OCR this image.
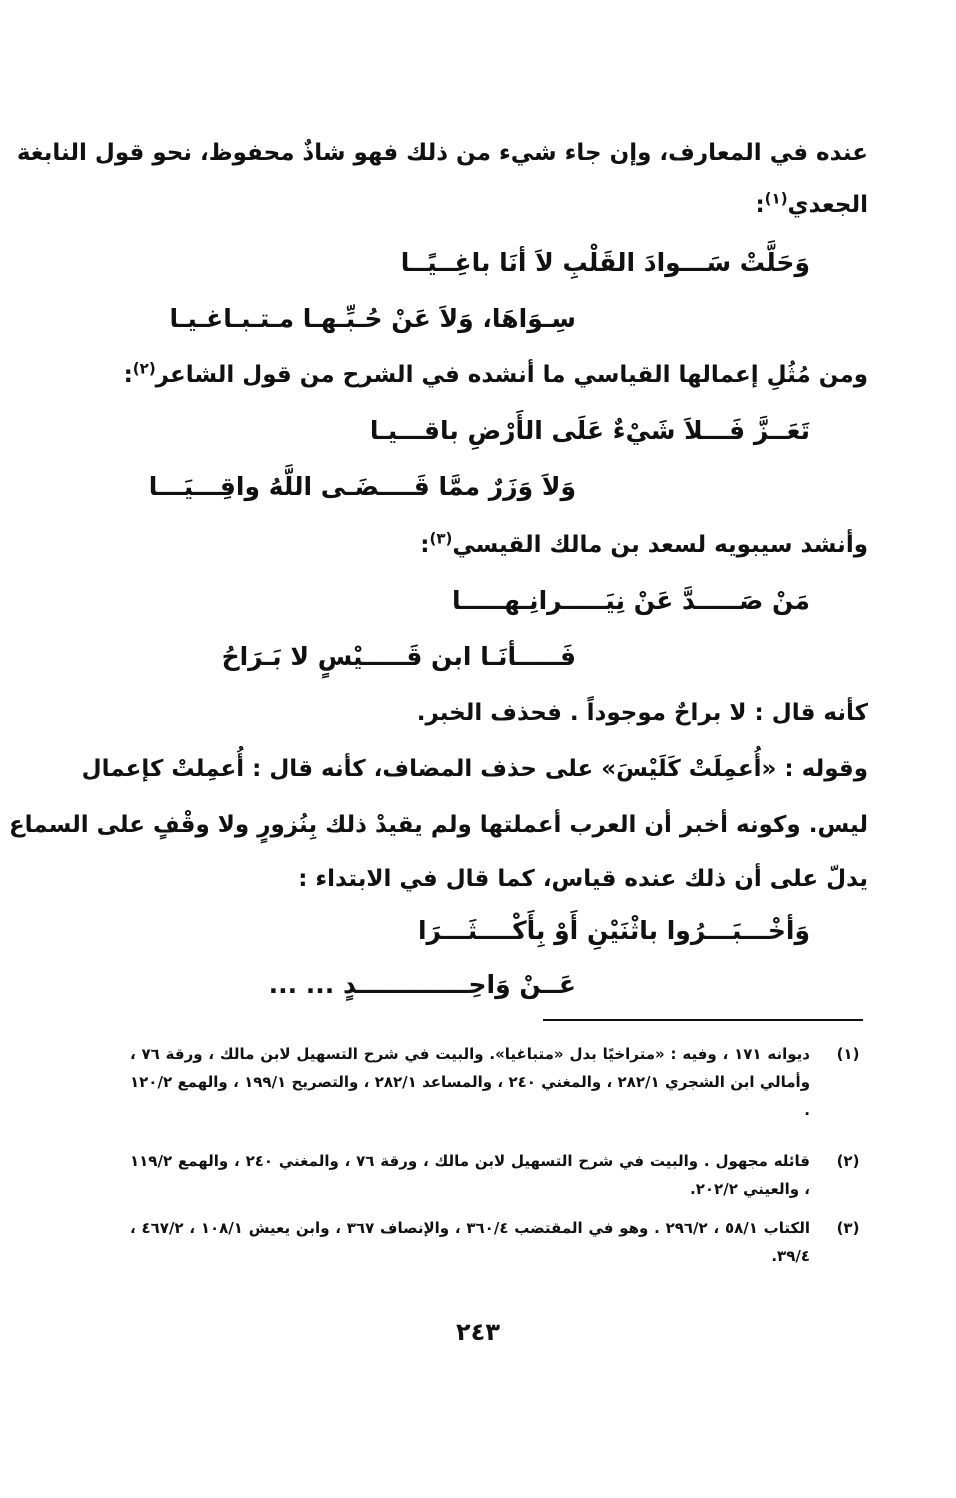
عنده في المعارف، وإن جاء شيء من ذلك فهو شاذٌ محفوظ، نحو قول النابغة
الجعدي$^{(١)}$:
وَحَلَّتْ سَـــوادَ القَلْبِ لاَ أنَا باغِــيًــا
سِـوَاهَا، وَلاَ عَنْ حُـبِّـهـا مـتـبـاغـيـا
ومن مُثُلِ إعمالها القياسي ما أنشده في الشرح من قول الشاعر$^{(٢)}$:
تَعَــزَّ فَـــلاَ شَيْءٌ عَلَى الأَرْضِ باقـــيـا
وَلاَ وَزَرٌ ممَّا قَــــضَـى اللَّهُ واقِـــيَـــا
وأنشد سيبويه لسعد بن مالك القيسي$^{(٣)}$:
مَنْ صَـــــدَّ عَنْ نِيَـــــرانِـهـــــا
فَـــــأنَـا ابن قَـــــيْسٍ لا بَـرَاحُ
كأنه قال : لا براحٌ موجوداً . فحذف الخبر.
وقوله : «أُعمِلَتْ كَلَيْسَ» على حذف المضاف، كأنه قال : أُعمِلتْ كإعمال
ليس. وكونه أخبر أن العرب أعملتها ولم يقيدْ ذلك بِنُزورٍ ولا وقْفٍ على السماع
يدلّ على أن ذلك عنده قياس، كما قال في الابتداء :
وَأخْـــبَـــرُوا باثْنَيْنِ أَوْ بِأَكْــــثَـــرَا
عَــنْ وَاحِـــــــــــــدٍ ... ...
(١)
ديوانه ١٧١ ، وفيه : «متراخيًا بدل «متباغيا». والبيت في شرح التسهيل لابن مالك ، ورقة ٧٦ ، وأمالي ابن الشجري ٢٨٢/١ ، والمغني ٢٤٠ ، والمساعد ٢٨٢/١ ، والتصريح ١٩٩/١ ، والهمع ١٢٠/٢ .
(٢)
قائله مجهول . والبيت في شرح التسهيل لابن مالك ، ورقة ٧٦ ، والمغني ٢٤٠ ، والهمع ١١٩/٢ ، والعيني ٢٠٢/٢.
(٣)
الكتاب ٥٨/١ ، ٢٩٦/٢ . وهو في المقتضب ٣٦٠/٤ ، والإنصاف ٣٦٧ ، وابن يعيش ١٠٨/١ ، ٤٦٧/٢ ، ٣٩/٤.
٢٤٣
